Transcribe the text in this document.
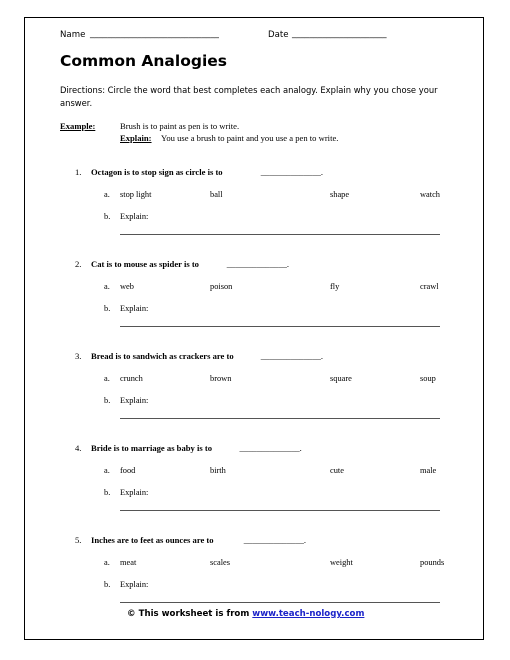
Name ______________________________	Date ______________________
Common Analogies
Directions: Circle the word that best completes each analogy. Explain why you chose your
answer.
Example:	Brush is to paint as pen is to write.
Explain: You use a brush to paint and you use a pen to write.
1. Octagon is to stop sign as circle is to	______________.
a. stop light	ball	shape	watch
b. Explain:
2. Cat is to mouse as spider is to	______________.
a. web	poison	fly	crawl
b. Explain:
3. Bread is to sandwich as crackers are to	______________.
a. crunch	brown	square	soup
b. Explain:
4. Bride is to marriage as baby is to	______________.
a. food	birth	cute	male
b. Explain:
5. Inches are to feet as ounces are to	______________.
a. meat	scales	weight	pounds
b. Explain:
© This worksheet is from www.teach-nology.com
